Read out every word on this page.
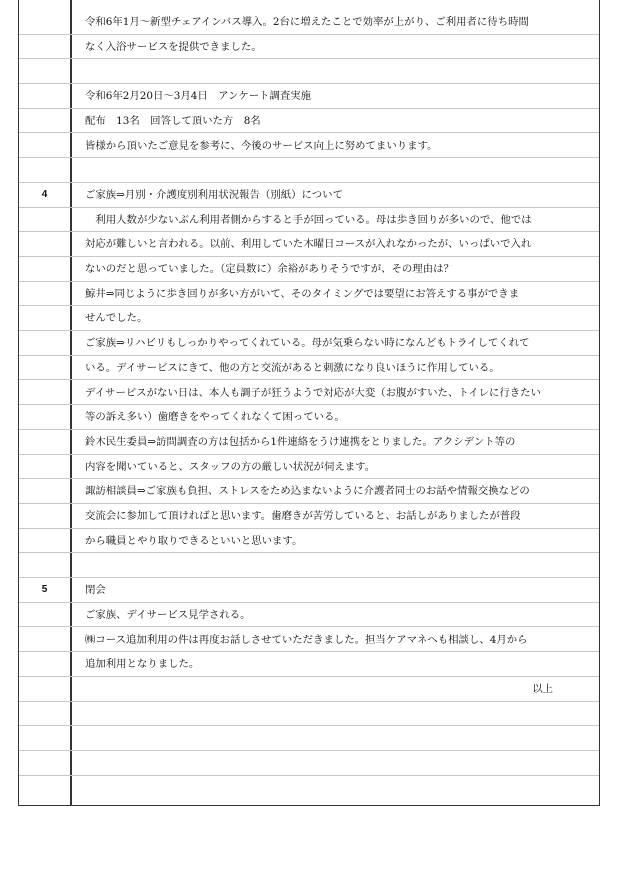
令和6年1月～新型チェアインバス導入。2台に増えたことで効率が上がり、ご利用者に待ち時間
なく入浴サービスを提供できました。
令和6年2月20日～3月4日　アンケート調査実施
配布　13名　回答して頂いた方　8名
皆様から頂いたご意見を参考に、今後のサービス向上に努めてまいります。
4	ご家族⇒月別・介護度別利用状況報告（別紙）について
　利用人数が少ないぶん利用者側からすると手が回っている。母は歩き回りが多いので、他では
対応が難しいと言われる。以前、利用していた木曜日コースが入れなかったが、いっぱいで入れ
ないのだと思っていました。（定員数に）余裕がありそうですが、その理由は？
鯨井⇒同じように歩き回りが多い方がいて、そのタイミングでは要望にお答えする事ができま
せんでした。
ご家族⇒リハビリもしっかりやってくれている。母が気乗らない時になんどもトライしてくれて
いる。デイサービスにきて、他の方と交流があると刺激になり良いほうに作用している。
デイサービスがない日は、本人も調子が狂うようで対応が大変（お腹がすいた、トイレに行きたい
等の訴え多い）歯磨きをやってくれなくて困っている。
鈴木民生委員⇒訪問調査の方は包括から1件連絡をうけ連携をとりました。アクシデント等の
内容を聞いていると、スタッフの方の厳しい状況が伺えます。
諏訪相談員⇒ご家族も負担、ストレスをため込まないように介護者同士のお話や情報交換などの
交流会に参加して頂ければと思います。歯磨きが苦労していると、お話しがありましたが普段
から職員とやり取りできるといいと思います。
5	閉会
ご家族、デイサービス見学される。
㈱コース追加利用の件は再度お話しさせていただきました。担当ケアマネへも相談し、4月から
追加利用となりました。
以上
